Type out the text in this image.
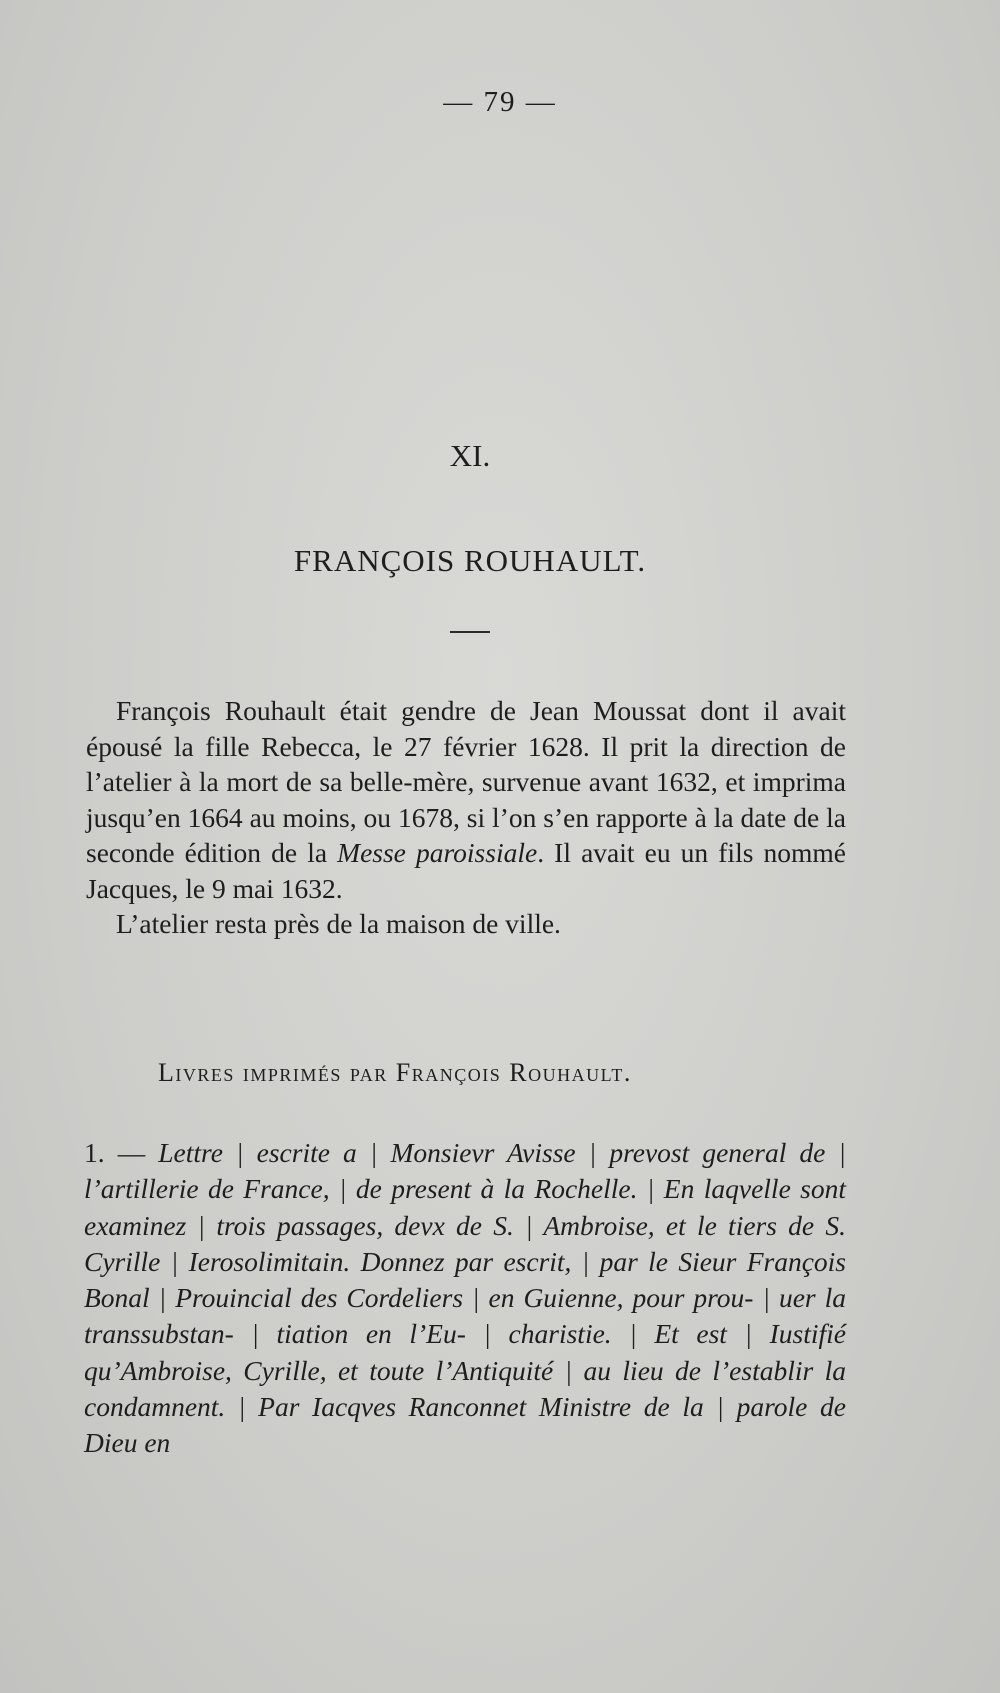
— 79 —
XI.
FRANÇOIS ROUHAULT.

François Rouhault était gendre de Jean Moussat dont il avait épousé la fille Rebecca, le 27 février 1628. Il prit la direction de l’atelier à la mort de sa belle-mère, survenue avant 1632, et imprima jusqu’en 1664 au moins, ou 1678, si l’on s’en rapporte à la date de la seconde édition de la Messe paroissiale. Il avait eu un fils nommé Jacques, le 9 mai 1632.

L’atelier resta près de la maison de ville.

Livres imprimés par François Rouhault.
1. — Lettre | escrite a | Monsievr Avisse | prevost general de | l’artillerie de France, | de present à la Rochelle. | En laqvelle sont examinez | trois passages, devx de S. | Ambroise, et le tiers de S. Cyrille | Ierosolimitain. Donnez par escrit, | par le Sieur François Bonal | Prouincial des Cordeliers | en Guienne, pour prou- | uer la transsubstan- | tiation en l’Eu- | charistie. | Et est | Iustifié qu’Ambroise, Cyrille, et toute l’Antiquité | au lieu de l’establir la condamnent. | Par Iacqves Ranconnet Ministre de la | parole de Dieu en
